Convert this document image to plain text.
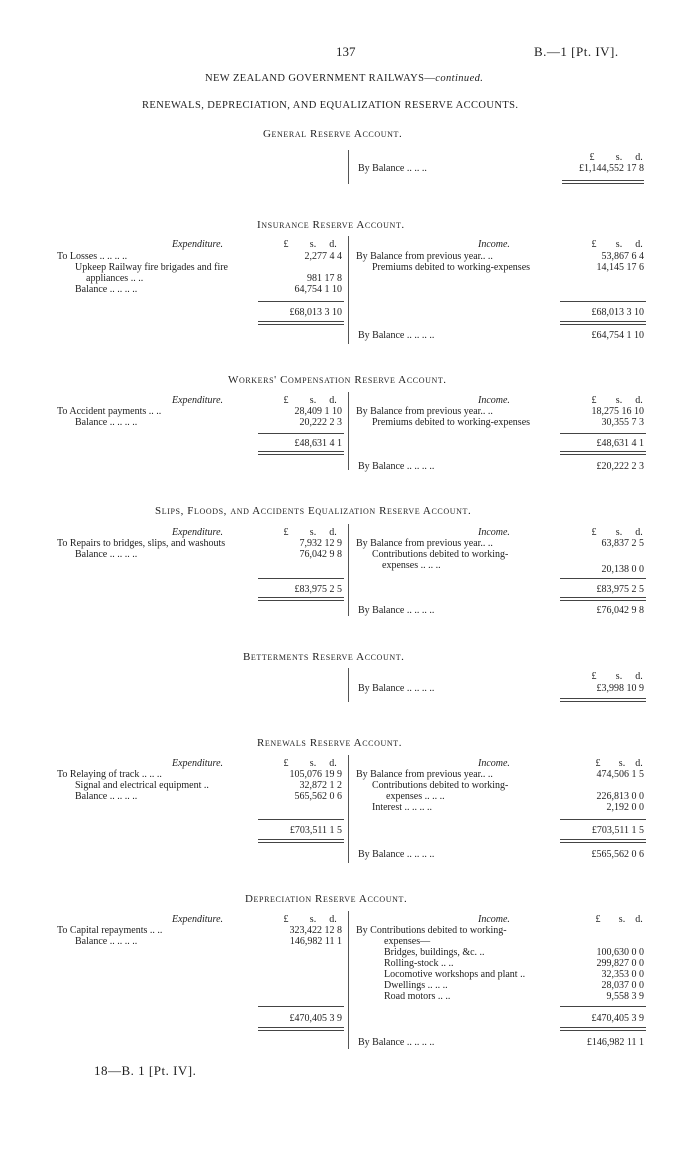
137	B.—1 [Pt. IV].
NEW ZEALAND GOVERNMENT RAILWAYS—continued.
RENEWALS, DEPRECIATION, AND EQUALIZATION RESERVE ACCOUNTS.
General Reserve Account.
£	s.	d.
By Balance .. .. ..	£1,144,552 17 8
Insurance Reserve Account.
Expenditure.	£	s.	d.	Income.	£	s.	d.
To Losses .. .. .. ..	2,277 4 4
Upkeep Railway fire brigades and fire
appliances .. ..	981 17 8
Balance .. .. .. ..	64,754 1 10
By Balance from previous year.. ..	53,867 6 4
Premiums debited to working-expenses	14,145 17 6
£68,013 3 10	£68,013 3 10
By Balance .. .. .. ..	£64,754 1 10
Workers' Compensation Reserve Account.
Expenditure.	£	s.	d.	Income.	£	s.	d.
To Accident payments .. ..	28,409 1 10
Balance .. .. .. ..	20,222 2 3
By Balance from previous year.. ..	18,275 16 10
Premiums debited to working-expenses	30,355 7 3
£48,631 4 1	£48,631 4 1
By Balance .. .. .. ..	£20,222 2 3
Slips, Floods, and Accidents Equalization Reserve Account.
Expenditure.	£	s.	d.	Income.	£	s.	d.
To Repairs to bridges, slips, and washouts	7,932 12 9
Balance .. .. .. ..	76,042 9 8
By Balance from previous year.. ..	63,837 2 5
Contributions debited to working-
expenses .. .. ..	20,138 0 0
£83,975 2 5	£83,975 2 5
By Balance .. .. .. ..	£76,042 9 8
Betterments Reserve Account.
£	s.	d.
By Balance .. .. .. ..	£3,998 10 9
Renewals Reserve Account.
Expenditure.	£	s.	d.	Income.	£	s.	d.
To Relaying of track .. .. ..	105,076 19 9
Signal and electrical equipment ..	32,872 1 2
Balance .. .. .. ..	565,562 0 6
By Balance from previous year.. ..	474,506 1 5
Contributions debited to working-
expenses .. .. ..	226,813 0 0
Interest .. .. .. ..	2,192 0 0
£703,511 1 5	£703,511 1 5
By Balance .. .. .. ..	£565,562 0 6
Depreciation Reserve Account.
Expenditure.	£	s.	d.	Income.	£	s.	d.
To Capital repayments .. ..	323,422 12 8
Balance .. .. .. ..	146,982 11 1
By Contributions debited to working-
expenses—
Bridges, buildings, &c. ..	100,630 0 0
Rolling-stock .. ..	299,827 0 0
Locomotive workshops and plant ..	32,353 0 0
Dwellings .. .. ..	28,037 0 0
Road motors .. ..	9,558 3 9
£470,405 3 9	£470,405 3 9
By Balance .. .. .. ..	£146,982 11 1
18—B. 1 [Pt. IV].
